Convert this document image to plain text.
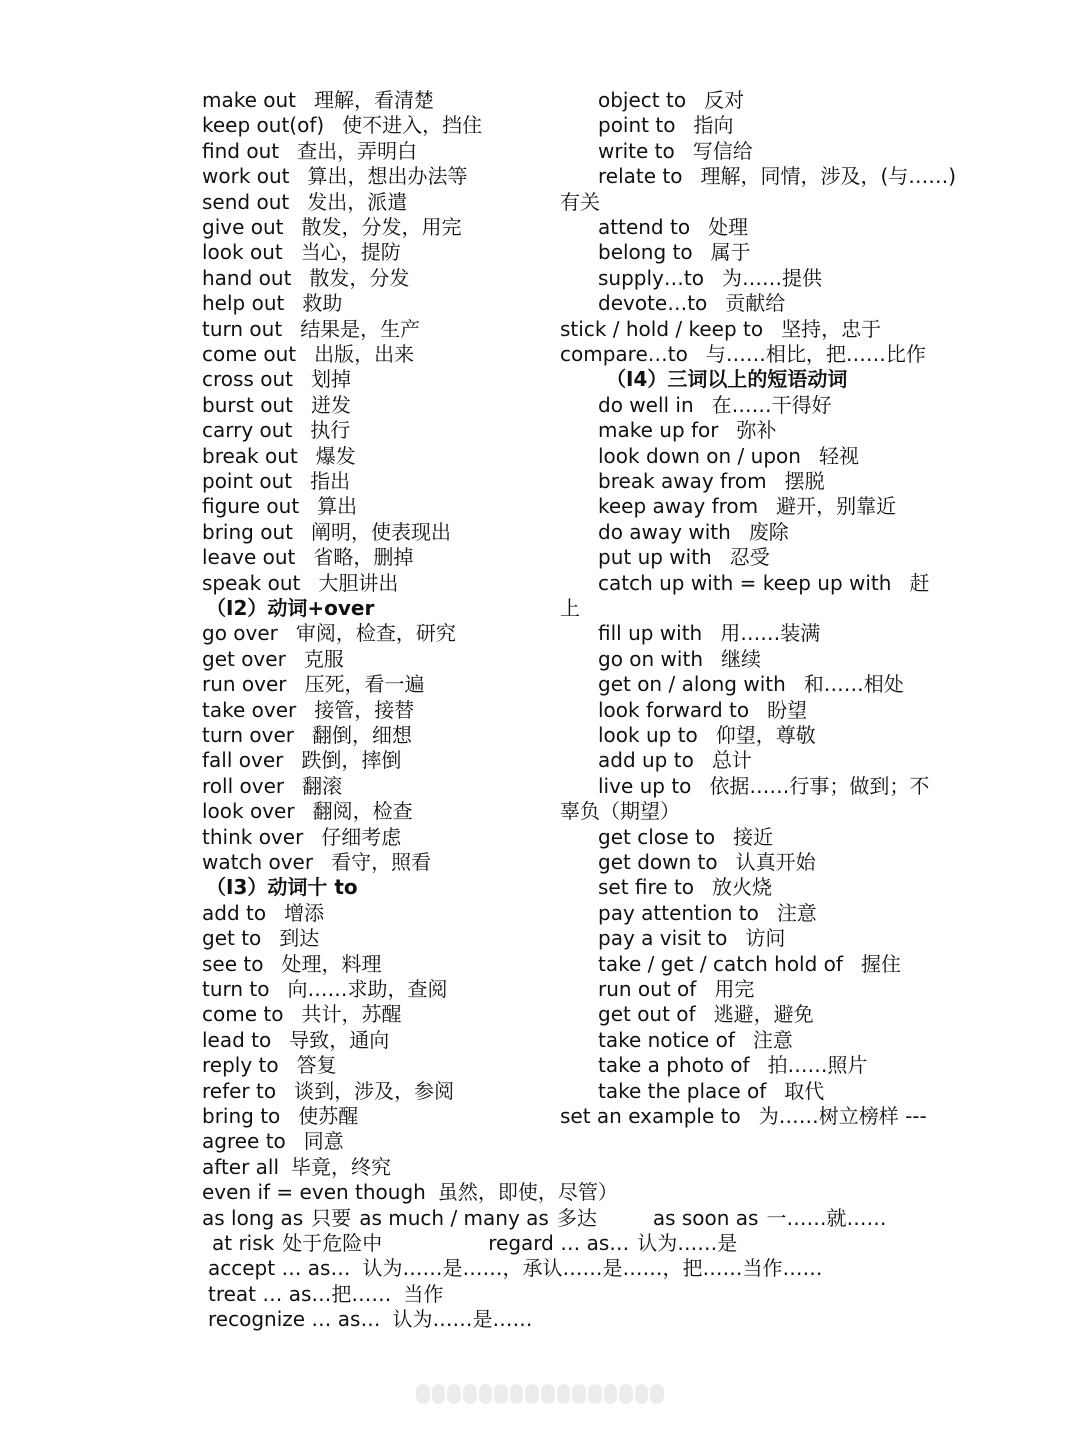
make out 理解，看清楚
keep out(of) 使不进入，挡住
find out 查出，弄明白
work out 算出，想出办法等
send out 发出，派遣
give out 散发，分发，用完
look out 当心，提防
hand out 散发，分发
help out 救助
turn out 结果是，生产
come out 出版，出来
cross out 划掉
burst out 迸发
carry out 执行
break out 爆发
point out 指出
figure out 算出
bring out 阐明，使表现出
leave out 省略，删掉
speak out 大胆讲出
（I2）动词+over
go over 审阅，检查，研究
get over 克服
run over 压死，看一遍
take over 接管，接替
turn over 翻倒，细想
fall over 跌倒，摔倒
roll over 翻滚
look over 翻阅，检查
think over 仔细考虑
watch over 看守，照看
（I3）动词十 to
add to 增添
get to 到达
see to 处理，料理
turn to 向……求助，查阅
come to 共计，苏醒
lead to 导致，通向
reply to 答复
refer to 谈到，涉及，参阅
bring to 使苏醒
agree to 同意
object to 反对
point to 指向
write to 写信给
relate to 理解，同情，涉及，(与……)
有关
attend to 处理
belong to 属于
supply…to 为……提供
devote…to 贡献给
stick / hold / keep to 坚持，忠于
compare…to 与……相比，把……比作
（I4）三词以上的短语动词
do well in 在……干得好
make up for 弥补
look down on / upon 轻视
break away from 摆脱
keep away from 避开，别靠近
do away with 废除
put up with 忍受
catch up with = keep up with 赶
上
fill up with 用……装满
go on with 继续
get on / along with 和……相处
look forward to 盼望
look up to 仰望，尊敬
add up to 总计
live up to 依据……行事；做到；不
辜负（期望）
get close to 接近
get down to 认真开始
set fire to 放火烧
pay attention to 注意
pay a visit to 访问
take / get / catch hold of 握住
run out of 用完
get out of 逃避，避免
take notice of 注意
take a photo of 拍……照片
take the place of 取代
set an example to 为……树立榜样 ---
after all 毕竟，终究
even if = even though 虽然，即使，尽管）
as long as 只要 as much / many as 多达	as soon as 一……就……
at risk 处于危险中	regard … as… 认为……是
accept … as… 认为……是……，承认……是……，把……当作……
treat … as…把…… 当作
recognize … as… 认为……是……
